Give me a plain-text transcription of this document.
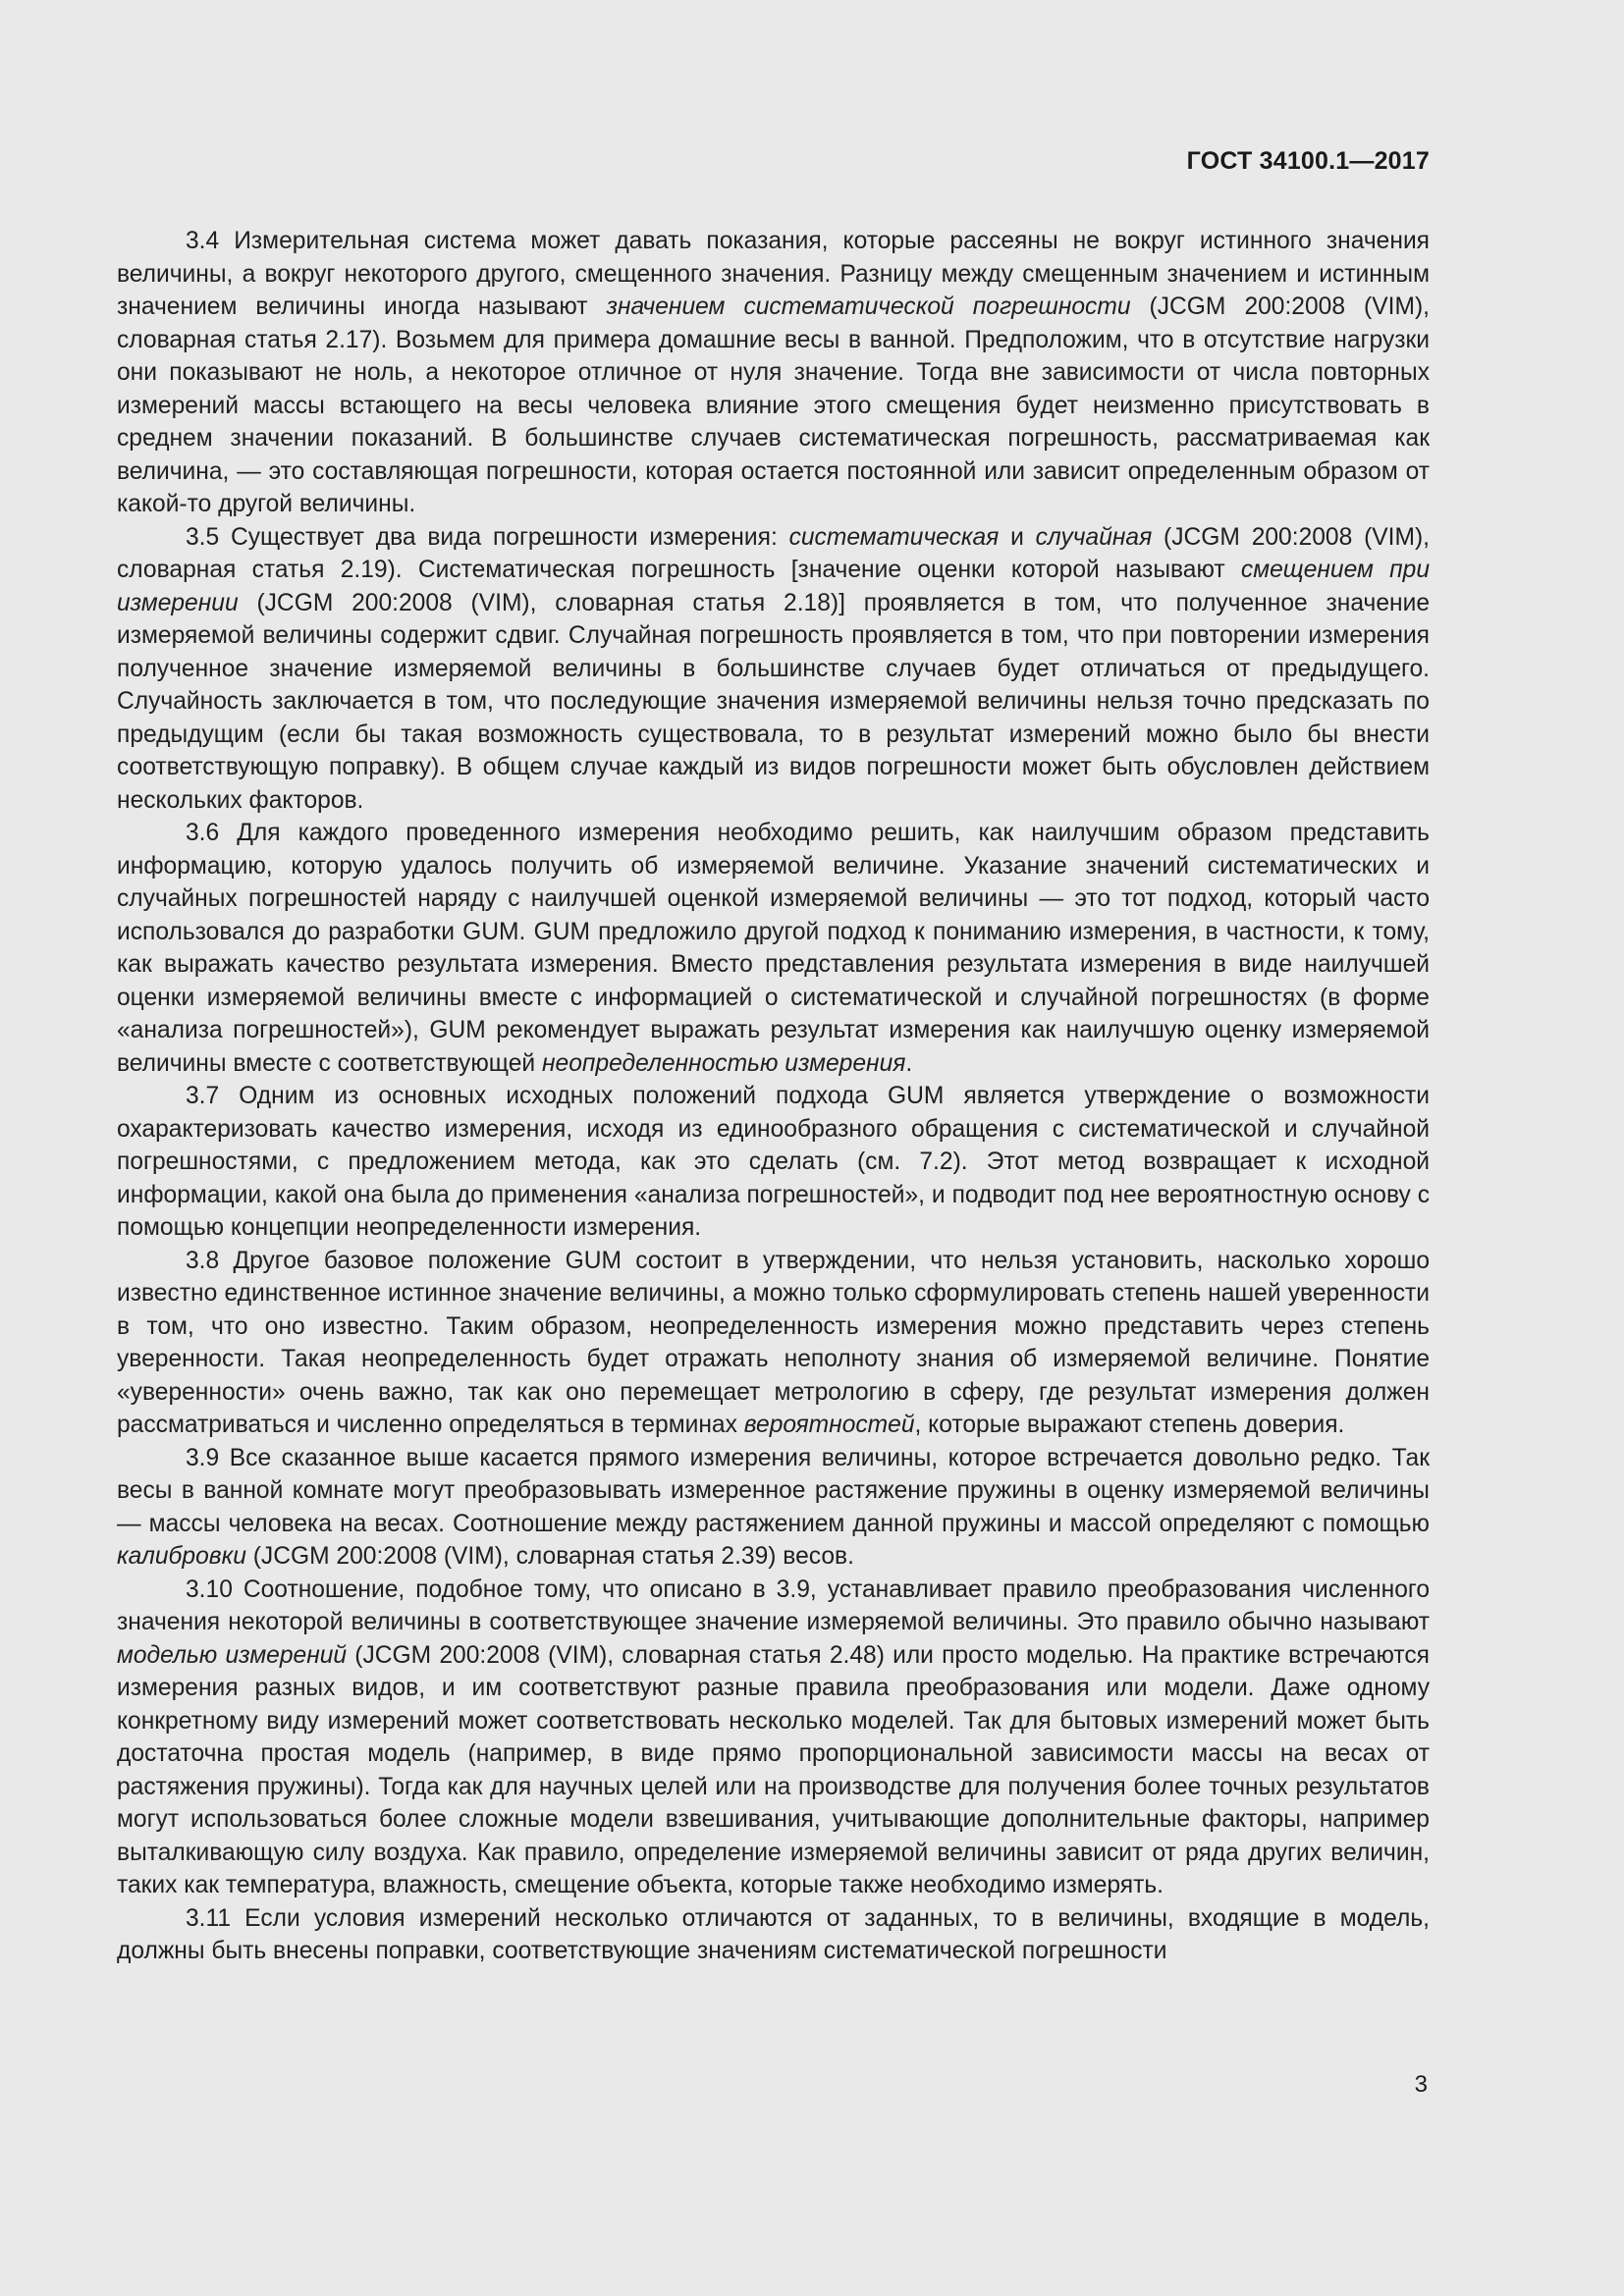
ГОСТ 34100.1—2017

3.4 Измерительная система может давать показания, которые рассеяны не вокруг истинного значения величины, а вокруг некоторого другого, смещенного значения. Разницу между смещенным значением и истинным значением величины иногда называют значением систематической погрешности (JCGM 200:2008 (VIM), словарная статья 2.17). Возьмем для примера домашние весы в ванной. Предположим, что в отсутствие нагрузки они показывают не ноль, а некоторое отличное от нуля значение. Тогда вне зависимости от числа повторных измерений массы встающего на весы человека влияние этого смещения будет неизменно присутствовать в среднем значении показаний. В большинстве случаев систематическая погрешность, рассматриваемая как величина, — это составляющая погрешности, которая остается постоянной или зависит определенным образом от какой-то другой величины.

3.5 Существует два вида погрешности измерения: систематическая и случайная (JCGM 200:2008 (VIM), словарная статья 2.19). Систематическая погрешность [значение оценки которой называют смещением при измерении (JCGM 200:2008 (VIM), словарная статья 2.18)] проявляется в том, что полученное значение измеряемой величины содержит сдвиг. Случайная погрешность проявляется в том, что при повторении измерения полученное значение измеряемой величины в большинстве случаев будет отличаться от предыдущего. Случайность заключается в том, что последующие значения измеряемой величины нельзя точно предсказать по предыдущим (если бы такая возможность существовала, то в результат измерений можно было бы внести соответствующую поправку). В общем случае каждый из видов погрешности может быть обусловлен действием нескольких факторов.

3.6 Для каждого проведенного измерения необходимо решить, как наилучшим образом представить информацию, которую удалось получить об измеряемой величине. Указание значений систематических и случайных погрешностей наряду с наилучшей оценкой измеряемой величины — это тот подход, который часто использовался до разработки GUM. GUM предложило другой подход к пониманию измерения, в частности, к тому, как выражать качество результата измерения. Вместо представления результата измерения в виде наилучшей оценки измеряемой величины вместе с информацией о систематической и случайной погрешностях (в форме «анализа погрешностей»), GUM рекомендует выражать результат измерения как наилучшую оценку измеряемой величины вместе с соответствующей неопределенностью измерения.

3.7 Одним из основных исходных положений подхода GUM является утверждение о возможности охарактеризовать качество измерения, исходя из единообразного обращения с систематической и случайной погрешностями, с предложением метода, как это сделать (см. 7.2). Этот метод возвращает к исходной информации, какой она была до применения «анализа погрешностей», и подводит под нее вероятностную основу с помощью концепции неопределенности измерения.

3.8 Другое базовое положение GUM состоит в утверждении, что нельзя установить, насколько хорошо известно единственное истинное значение величины, а можно только сформулировать степень нашей уверенности в том, что оно известно. Таким образом, неопределенность измерения можно представить через степень уверенности. Такая неопределенность будет отражать неполноту знания об измеряемой величине. Понятие «уверенности» очень важно, так как оно перемещает метрологию в сферу, где результат измерения должен рассматриваться и численно определяться в терминах вероятностей, которые выражают степень доверия.

3.9 Все сказанное выше касается прямого измерения величины, которое встречается довольно редко. Так весы в ванной комнате могут преобразовывать измеренное растяжение пружины в оценку измеряемой величины — массы человека на весах. Соотношение между растяжением данной пружины и массой определяют с помощью калибровки (JCGM 200:2008 (VIM), словарная статья 2.39) весов.

3.10 Соотношение, подобное тому, что описано в 3.9, устанавливает правило преобразования численного значения некоторой величины в соответствующее значение измеряемой величины. Это правило обычно называют моделью измерений (JCGM 200:2008 (VIM), словарная статья 2.48) или просто моделью. На практике встречаются измерения разных видов, и им соответствуют разные правила преобразования или модели. Даже одному конкретному виду измерений может соответствовать несколько моделей. Так для бытовых измерений может быть достаточна простая модель (например, в виде прямо пропорциональной зависимости массы на весах от растяжения пружины). Тогда как для научных целей или на производстве для получения более точных результатов могут использоваться более сложные модели взвешивания, учитывающие дополнительные факторы, например выталкивающую силу воздуха. Как правило, определение измеряемой величины зависит от ряда других величин, таких как температура, влажность, смещение объекта, которые также необходимо измерять.

3.11 Если условия измерений несколько отличаются от заданных, то в величины, входящие в модель, должны быть внесены поправки, соответствующие значениям систематической погрешности

3
